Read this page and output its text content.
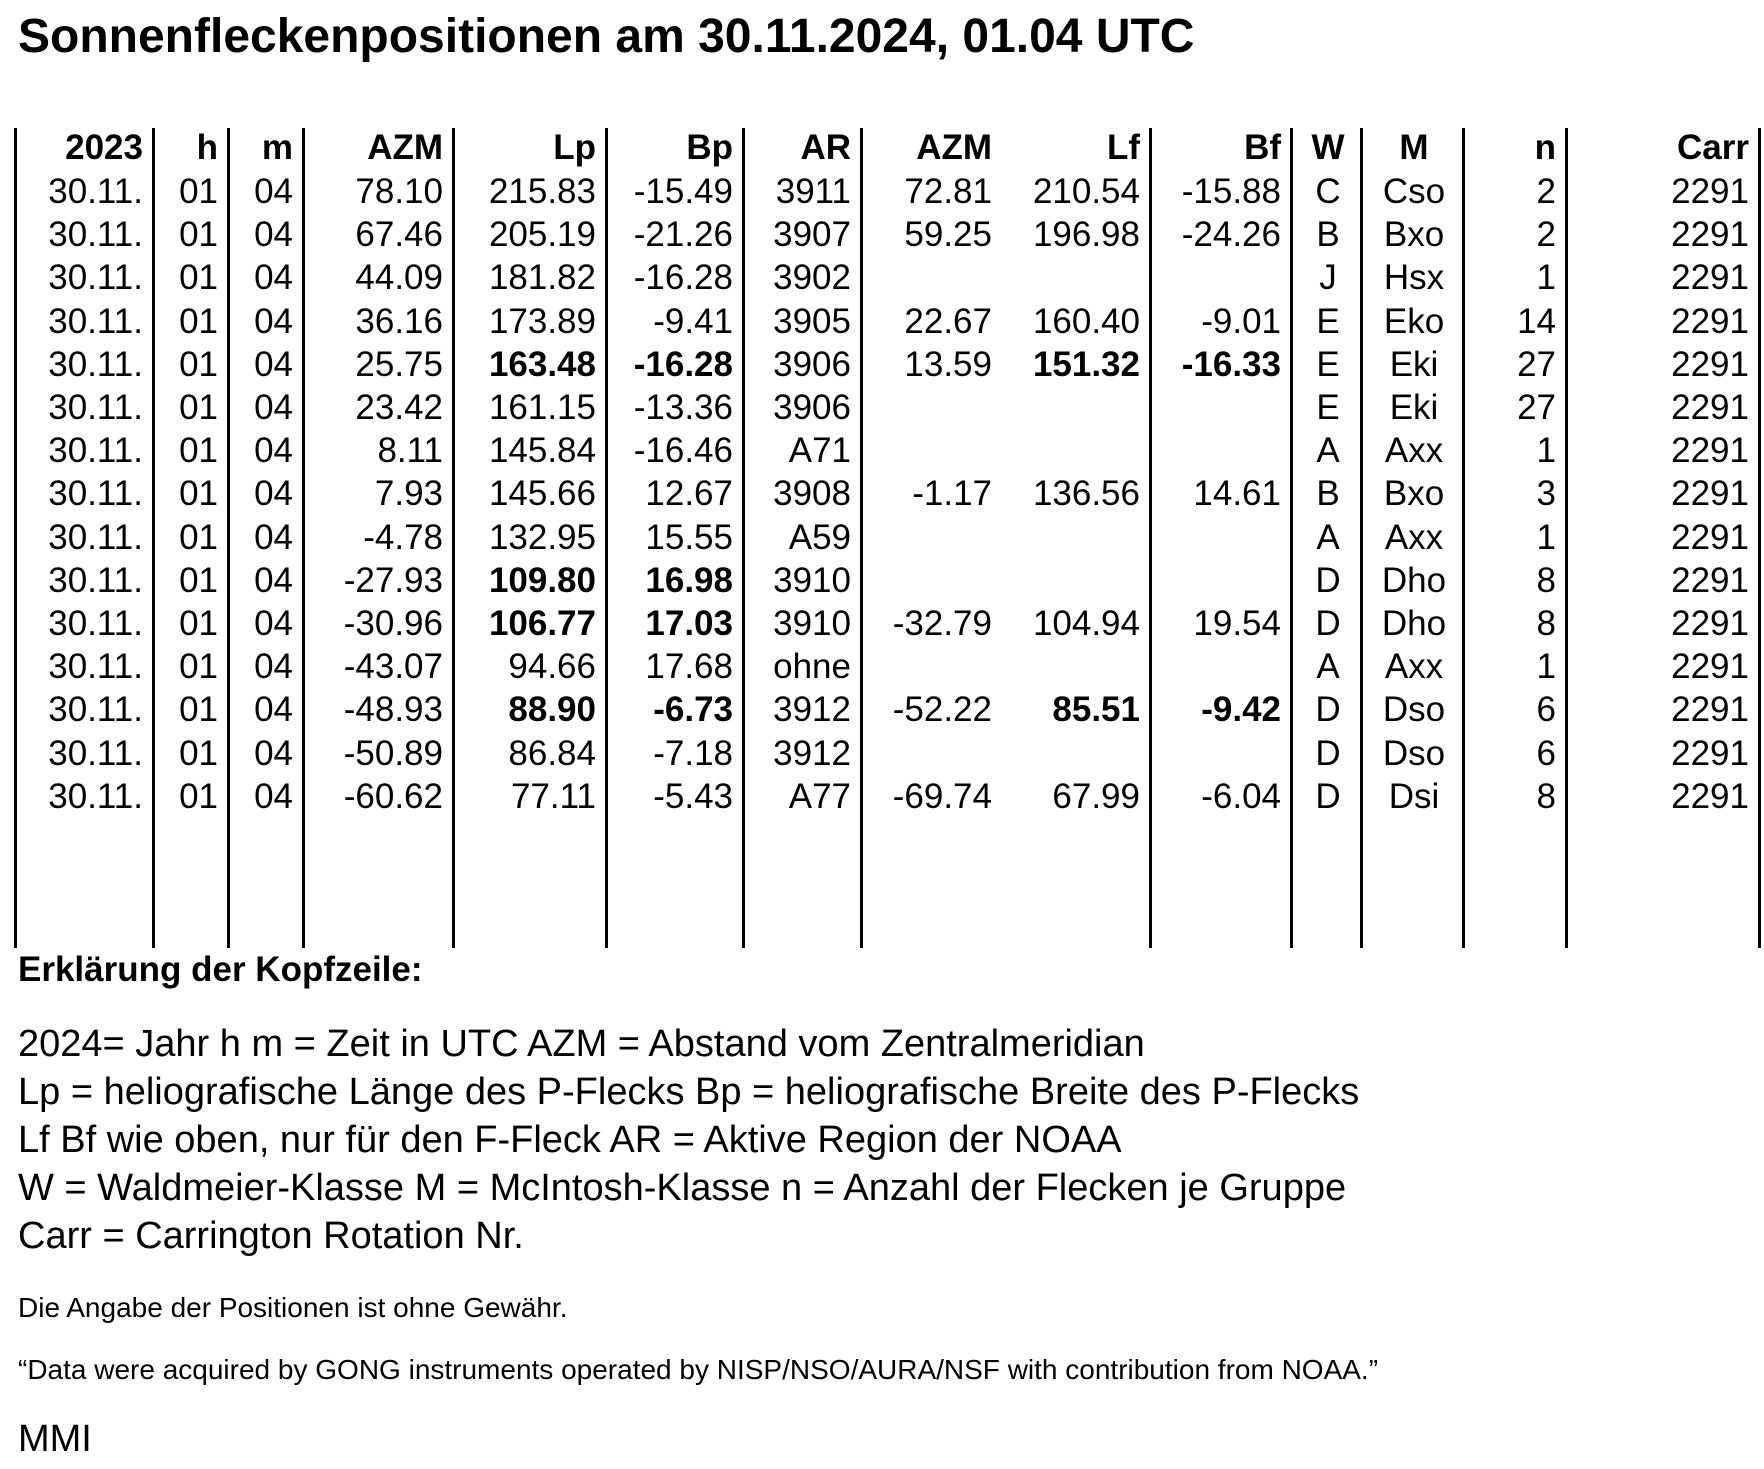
Sonnenfleckenpositionen am 30.11.2024, 01.04 UTC
2023	h	m	AZM	Lp	Bp	AR	AZM	Lf	Bf	W	M	n	Carr
30.11.	01	04	78.10	215.83	-15.49	3911	72.81	210.54	-15.88	C	Cso	2	2291
30.11.	01	04	67.46	205.19	-21.26	3907	59.25	196.98	-24.26	B	Bxo	2	2291
30.11.	01	04	44.09	181.82	-16.28	3902				J	Hsx	1	2291
30.11.	01	04	36.16	173.89	-9.41	3905	22.67	160.40	-9.01	E	Eko	14	2291
30.11.	01	04	25.75	163.48	-16.28	3906	13.59	151.32	-16.33	E	Eki	27	2291
30.11.	01	04	23.42	161.15	-13.36	3906				E	Eki	27	2291
30.11.	01	04	8.11	145.84	-16.46	A71				A	Axx	1	2291
30.11.	01	04	7.93	145.66	12.67	3908	-1.17	136.56	14.61	B	Bxo	3	2291
30.11.	01	04	-4.78	132.95	15.55	A59				A	Axx	1	2291
30.11.	01	04	-27.93	109.80	16.98	3910				D	Dho	8	2291
30.11.	01	04	-30.96	106.77	17.03	3910	-32.79	104.94	19.54	D	Dho	8	2291
30.11.	01	04	-43.07	94.66	17.68	ohne				A	Axx	1	2291
30.11.	01	04	-48.93	88.90	-6.73	3912	-52.22	85.51	-9.42	D	Dso	6	2291
30.11.	01	04	-50.89	86.84	-7.18	3912				D	Dso	6	2291
30.11.	01	04	-60.62	77.11	-5.43	A77	-69.74	67.99	-6.04	D	Dsi	8	2291
Erklärung der Kopfzeile:
2024= Jahr h m = Zeit in UTC AZM = Abstand vom Zentralmeridian
Lp = heliografische Länge des P-Flecks Bp = heliografische Breite des P-Flecks
Lf Bf wie oben, nur für den F-Fleck AR = Aktive Region der NOAA
W = Waldmeier-Klasse M = McIntosh-Klasse n = Anzahl der Flecken je Gruppe
Carr = Carrington Rotation Nr.
Die Angabe der Positionen ist ohne Gewähr.
“Data were acquired by GONG instruments operated by NISP/NSO/AURA/NSF with contribution from NOAA.”
MMI
